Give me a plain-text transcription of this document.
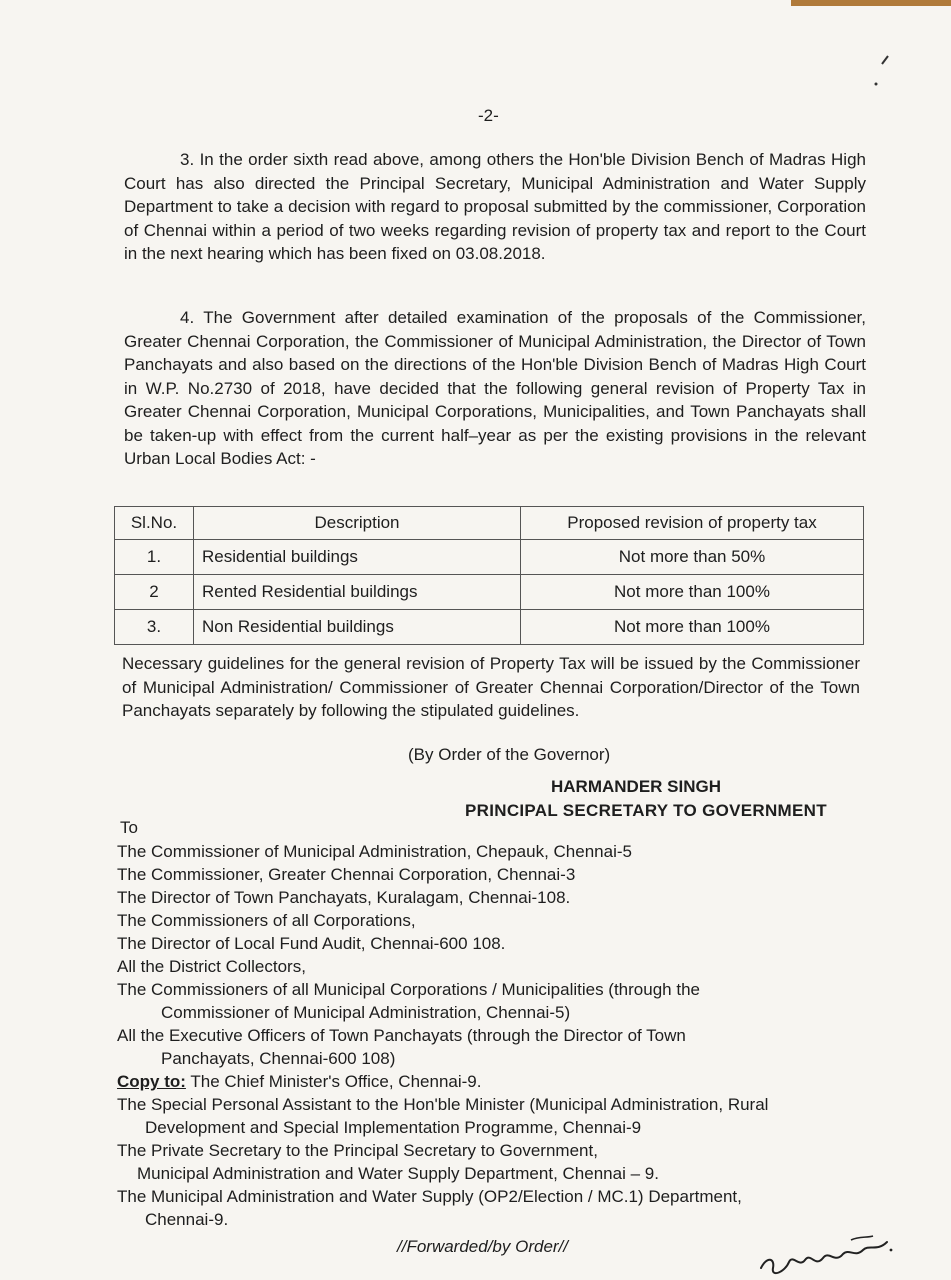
-2-
3. In the order sixth read above, among others the Hon'ble Division Bench of Madras High Court has also directed the Principal Secretary, Municipal Administration and Water Supply Department to take a decision with regard to proposal submitted by the commissioner, Corporation of Chennai within a period of two weeks regarding revision of property tax and report to the Court in the next hearing which has been fixed on 03.08.2018.
4. The Government after detailed examination of the proposals of the Commissioner, Greater Chennai Corporation, the Commissioner of Municipal Administration, the Director of Town Panchayats and also based on the directions of the Hon'ble Division Bench of Madras High Court in W.P. No.2730 of 2018, have decided that the following general revision of Property Tax in Greater Chennai Corporation, Municipal Corporations, Municipalities, and Town Panchayats shall be taken-up with effect from the current half–year as per the existing provisions in the relevant Urban Local Bodies Act: -
Sl.No.	Description	Proposed revision of property tax
1.	Residential buildings	Not more than 50%
2	Rented Residential buildings	Not more than 100%
3.	Non Residential buildings	Not more than 100%
Necessary guidelines for the general revision of Property Tax will be issued by the Commissioner of Municipal Administration/ Commissioner of Greater Chennai Corporation/Director of the Town Panchayats separately by following the stipulated guidelines.
(By Order of the Governor)
HARMANDER SINGH
PRINCIPAL SECRETARY TO GOVERNMENT
To
The Commissioner of Municipal Administration, Chepauk, Chennai-5
The Commissioner, Greater Chennai Corporation, Chennai-3
The Director of Town Panchayats, Kuralagam, Chennai-108.
The Commissioners of all Corporations,
The Director of Local Fund Audit, Chennai-600 108.
All the District Collectors,
The Commissioners of all Municipal Corporations / Municipalities (through the
Commissioner of Municipal Administration, Chennai-5)
All the Executive Officers of Town Panchayats (through the Director of Town
Panchayats, Chennai-600 108)
Copy to: The Chief Minister's Office, Chennai-9.
The Special Personal Assistant to the Hon'ble Minister (Municipal Administration, Rural
Development and Special Implementation Programme, Chennai-9
The Private Secretary to the Principal Secretary to Government,
Municipal Administration and Water Supply Department, Chennai – 9.
The Municipal Administration and Water Supply (OP2/Election / MC.1) Department,
Chennai-9.
//Forwarded/by Order//
